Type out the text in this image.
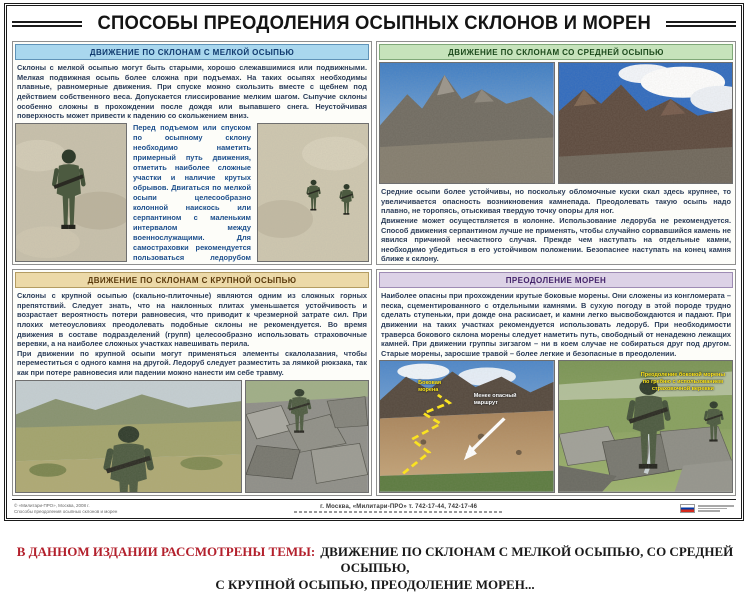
СПОСОБЫ ПРЕОДОЛЕНИЯ ОСЫПНЫХ СКЛОНОВ И МОРЕН
ДВИЖЕНИЕ ПО СКЛОНАМ С МЕЛКОЙ ОСЫПЬЮ
Склоны с мелкой осыпью могут быть старыми, хорошо слежавшимися или подвижными. Мелкая подвижная осыпь более сложна при подъемах. На таких осыпях необходимы плавные, равномерные движения. При спуске можно скользить вместе с щебнем под действием собственного веса. Допускается глиссирование мелким шагом. Сыпучие склоны особенно сложны в прохождении после дождя или выпавшего снега. Неустойчивая поверхность может привести к падению со скольжением вниз.
Перед подъемом или спуском по осыпному склону необходимо наметить примерный путь движения, отметить наиболее сложные участки и наличие крутых обрывов. Двигаться по мелкой осыпи целесообразно колонной наискось или серпантином с маленьким интервалом между военнослужащими. Для самостраховки рекомендуется пользоваться ледорубом
ДВИЖЕНИЕ ПО СКЛОНАМ СО СРЕДНЕЙ ОСЫПЬЮ
Средние осыпи более устойчивы, но поскольку обломочные куски скал здесь крупнее, то увеличивается опасность возникновения камнепада. Преодолевать такую осыпь надо плавно, не торопясь, отыскивая твердую точку опоры для ног.
Движение может осуществляется в колонне. Использование ледоруба не рекомендуется. Способ движения серпантином лучше не применять, чтобы случайно сорвавшийся камень не явился причиной несчастного случая. Прежде чем наступать на отдельные камни, необходимо убедиться в его устойчивом положении. Безопаснее наступать на конец камня ближе к склону.

ДВИЖЕНИЕ ПО СКЛОНАМ С КРУПНОЙ ОСЫПЬЮ
Склоны с крупной осыпью (скально-плиточные) являются одним из сложных горных препятствий. Следует знать, что на наклонных плитах уменьшается устойчивость и возрастает вероятность потери равновесия, что приводит к чрезмерной затрате сил. При плохих метеоусловиях преодолевать подобные склоны не рекомендуется. Во время движения в составе подразделений (групп) целесообразно использовать страховочные веревки, а на наиболее сложных участках навешивать перила.
При движении по крупной осыпи могут применяться элементы скалолазания, чтобы переместиться с одного камня на другой. Ледоруб следует разместить за лямкой рюкзака, так как при потере равновесия или падении можно нанести им себе травму.
ПРЕОДОЛЕНИЕ МОРЕН
Наиболее опасны при прохождении крутые боковые морены. Они сложены из конгломерата – песка, сцементированного с отдельными камнями. В сухую погоду в этой породе трудно сделать ступеньки, при дожде она раскисает, и камни легко высвобождаются и падают. При движении на таких участках рекомендуется использовать ледоруб. При необходимости траверса бокового склона морены следует наметить путь, свободный от ненадежно лежащих камней. При движении группы зигзагом – ни в коем случае не собираться друг под другом. Старые морены, заросшие травой – более легкие и безопасные в преодолении.
Боковая
морена
Менее опасный
маршрут
Преодоление боковой морены
по гребню с использованием
страховочной веревки
© «Милитари-ПРО», Москва, 2008 г.
Способы преодоления осыпных склонов и морен
г. Москва, «Милитари-ПРО» т. 742-17-44, 742-17-46
В ДАННОМ ИЗДАНИИ РАССМОТРЕНЫ ТЕМЫ: ДВИЖЕНИЕ ПО СКЛОНАМ С МЕЛКОЙ ОСЫПЬЮ, СО СРЕДНЕЙ ОСЫПЬЮ,
С КРУПНОЙ ОСЫПЬЮ, ПРЕОДОЛЕНИЕ МОРЕН...
